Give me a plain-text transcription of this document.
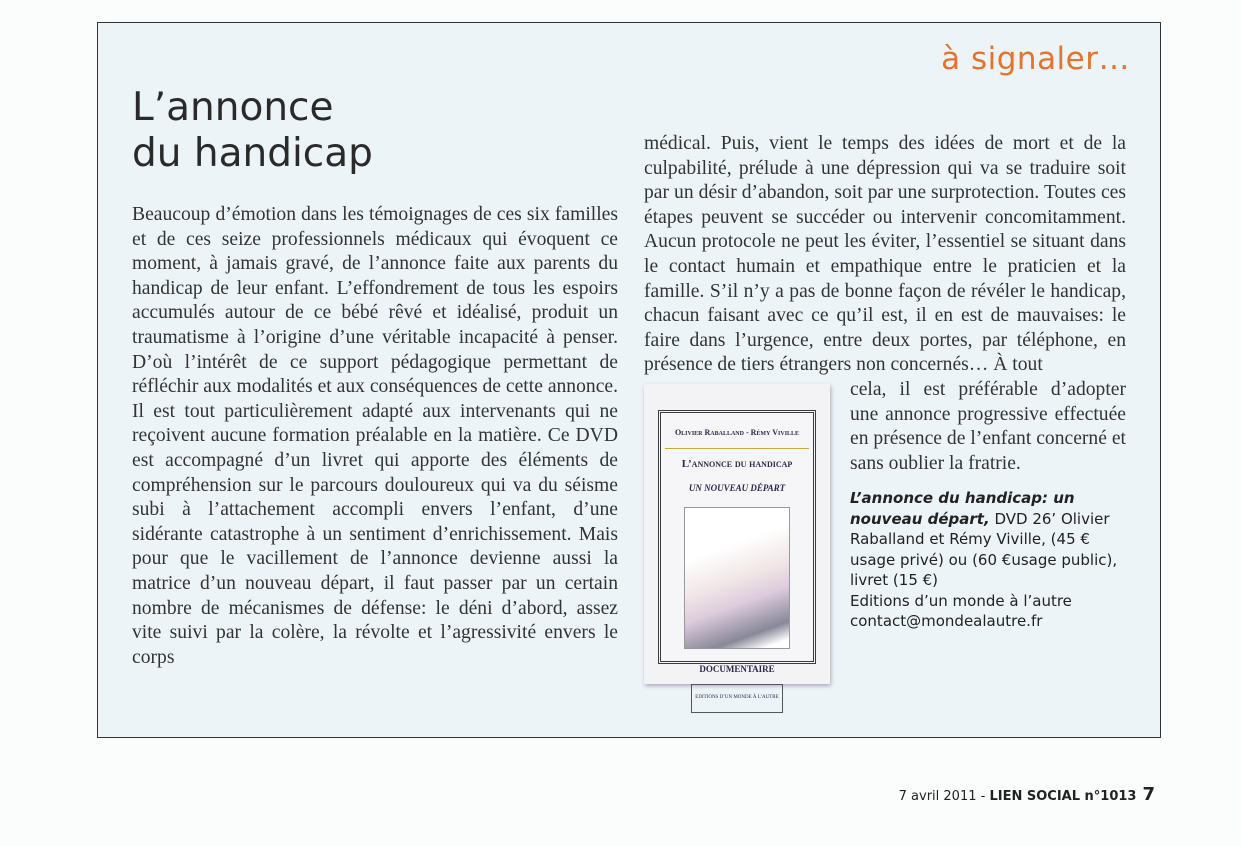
à signaler…
L’annonce du handicap
Beaucoup d’émotion dans les témoignages de ces six familles et de ces seize professionnels médicaux qui évoquent ce moment, à jamais gravé, de l’annonce faite aux parents du handicap de leur enfant. L’effondrement de tous les espoirs accumulés autour de ce bébé rêvé et idéalisé, produit un traumatisme à l’origine d’une véritable incapacité à penser. D’où l’intérêt de ce support pédagogique permettant de réfléchir aux modalités et aux conséquences de cette annonce. Il est tout particulièrement adapté aux intervenants qui ne reçoivent aucune formation préalable en la matière. Ce DVD est accompagné d’un livret qui apporte des éléments de compréhension sur le parcours douloureux qui va du séisme subi à l’attachement accompli envers l’enfant, d’une sidérante catastrophe à un sentiment d’enrichissement. Mais pour que le vacillement de l’annonce devienne aussi la matrice d’un nouveau départ, il faut passer par un certain nombre de mécanismes de défense: le déni d’abord, assez vite suivi par la colère, la révolte et l’agressivité envers le corps
médical. Puis, vient le temps des idées de mort et de la culpabilité, prélude à une dépression qui va se traduire soit par un désir d’abandon, soit par une surprotection. Toutes ces étapes peuvent se succéder ou intervenir concomitamment. Aucun protocole ne peut les éviter, l’essentiel se situant dans le contact humain et empathique entre le praticien et la famille. S’il n’y a pas de bonne façon de révéler le handicap, chacun faisant avec ce qu’il est, il en est de mauvaises: le faire dans l’urgence, entre deux portes, par téléphone, en présence de tiers étrangers non concernés… À tout
Olivier Raballand - Rémy Viville
L’annonce du handicap
UN NOUVEAU DÉPART
DOCUMENTAIRE
EDITIONS D’UN MONDE À L’AUTRE
cela, il est préférable d’adopter une annonce progressive effectuée en présence de l’enfant concerné et sans oublier la fratrie.
L’annonce du handicap: un nouveau départ, DVD 26’ Olivier Raballand et Rémy Viville, (45 € usage privé) ou (60 €usage public), livret (15 €)
Editions d’un monde à l’autre
contact@mondealautre.fr
7 avril 2011 - LIEN SOCIAL n°1013 7
